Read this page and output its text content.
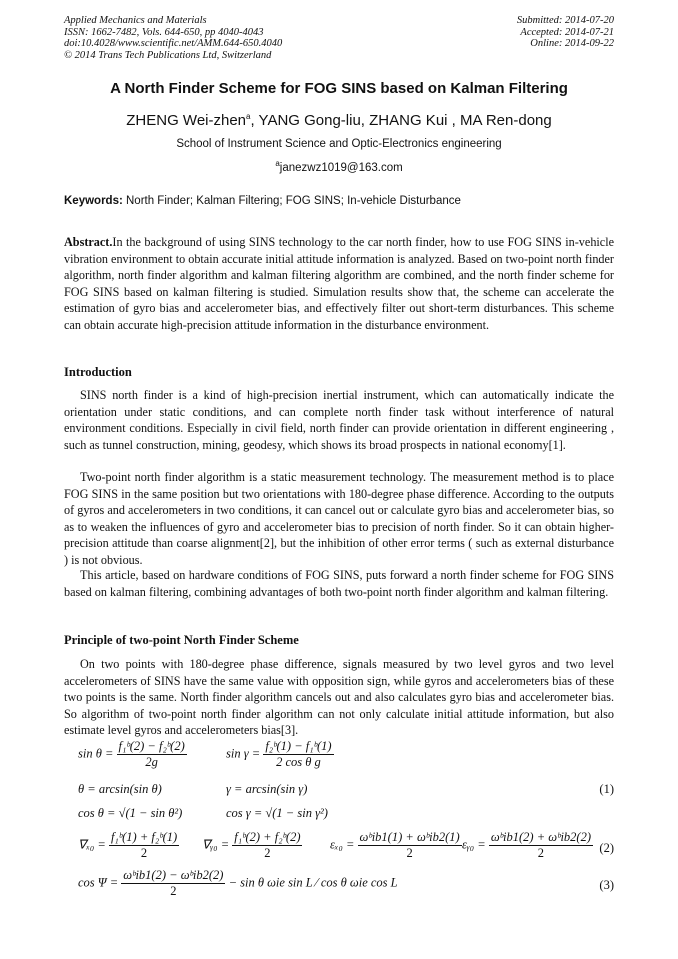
Applied Mechanics and Materials
ISSN: 1662-7482, Vols. 644-650, pp 4040-4043
doi:10.4028/www.scientific.net/AMM.644-650.4040
© 2014 Trans Tech Publications Ltd, Switzerland
Submitted: 2014-07-20
Accepted: 2014-07-21
Online: 2014-09-22
A North Finder Scheme for FOG SINS based on Kalman Filtering
ZHENG Wei-zhen$^a$, YANG Gong-liu, ZHANG Kui , MA Ren-dong
School of Instrument Science and Optic-Electronics engineering
$^a$janezwz1019@163.com
Keywords: North Finder; Kalman Filtering; FOG SINS; In-vehicle Disturbance

Abstract.In the background of using SINS technology to the car north finder, how to use FOG SINS in-vehicle vibration environment to obtain accurate initial attitude information is analyzed. Based on two-point north finder algorithm, north finder algorithm and kalman filtering algorithm are combined, and the north finder scheme for FOG SINS based on kalman filtering is studied. Simulation results show that, the scheme can accelerate the estimation of gyro bias and accelerometer bias, and effectively filter out short-term disturbances. This scheme can obtain accurate high-precision attitude information in the disturbance environment.

Introduction

SINS north finder is a kind of high-precision inertial instrument, which can automatically indicate the orientation under static conditions, and can complete north finder task without interference of natural environment conditions. Especially in civil field, north finder can provide orientation in different engineering , such as tunnel construction, mining, geodesy, which shows its broad prospects in national economy[1].

Two-point north finder algorithm is a static measurement technology. The measurement method is to place FOG SINS in the same position but two orientations with 180-degree phase difference. According to the outputs of gyros and accelerometers in two conditions, it can cancel out or calculate gyro bias and accelerometer bias, so as to weaken the influences of gyro and accelerometer bias to precision of north finder. So it can obtain higher-precision attitude than coarse alignment[2], but the inhibition of other error terms ( such as external disturbance ) is not obvious.

This article, based on hardware conditions of FOG SINS, puts forward a north finder scheme for FOG SINS based on kalman filtering, combining advantages of both two-point north finder algorithm and kalman filtering.

Principle of two-point North Finder Scheme

On two points with 180-degree phase difference, signals measured by two level gyros and two level accelerometers of SINS have the same value with opposition sign, while gyros and accelerometers bias of these two points is the same. North finder algorithm cancels out and also calculates gyro bias and accelerometer bias. So algorithm of two-point north finder algorithm can not only calculate initial attitude information, but also estimate level gyros and accelerometers bias[3].

$\sin \theta = \frac{\text{f₁ᵇ(2) − f₂ᵇ(2)}}{2g}$	$\sin \gamma = \frac{\text{f₂ᵇ(1) − f₁ᵇ(1)}}{\text{2 cos θ g}}$
θ = arcsin(sin θ)	γ = arcsin(sin γ)	(1)
cos θ = √(1 − sin θ²)	cos γ = √(1 − sin γ²)
$\nabla_{x0} = \frac{\text{f₁ᵇ(1) + f₂ᵇ(1)}}{2}$ ∇ᵧ₀ = $\frac{\text{f₁ᵇ(2) + f₂ᵇ(2)}}{2} \varepsilon_{x0} = \frac{\text{ωᵇib1(1) + ωᵇib2(1)}}{2}$ εᵧ₀ = $\frac{\text{ωᵇib1(2) + ωᵇib2(2)}}{2} (2)$
$\cos \Psi = \frac{\text{ωᵇib1(2) − ωᵇib2(2)}}{2} - \sin \theta$ ωie sin L ⁄ cos θ ωie cos L	(3)
